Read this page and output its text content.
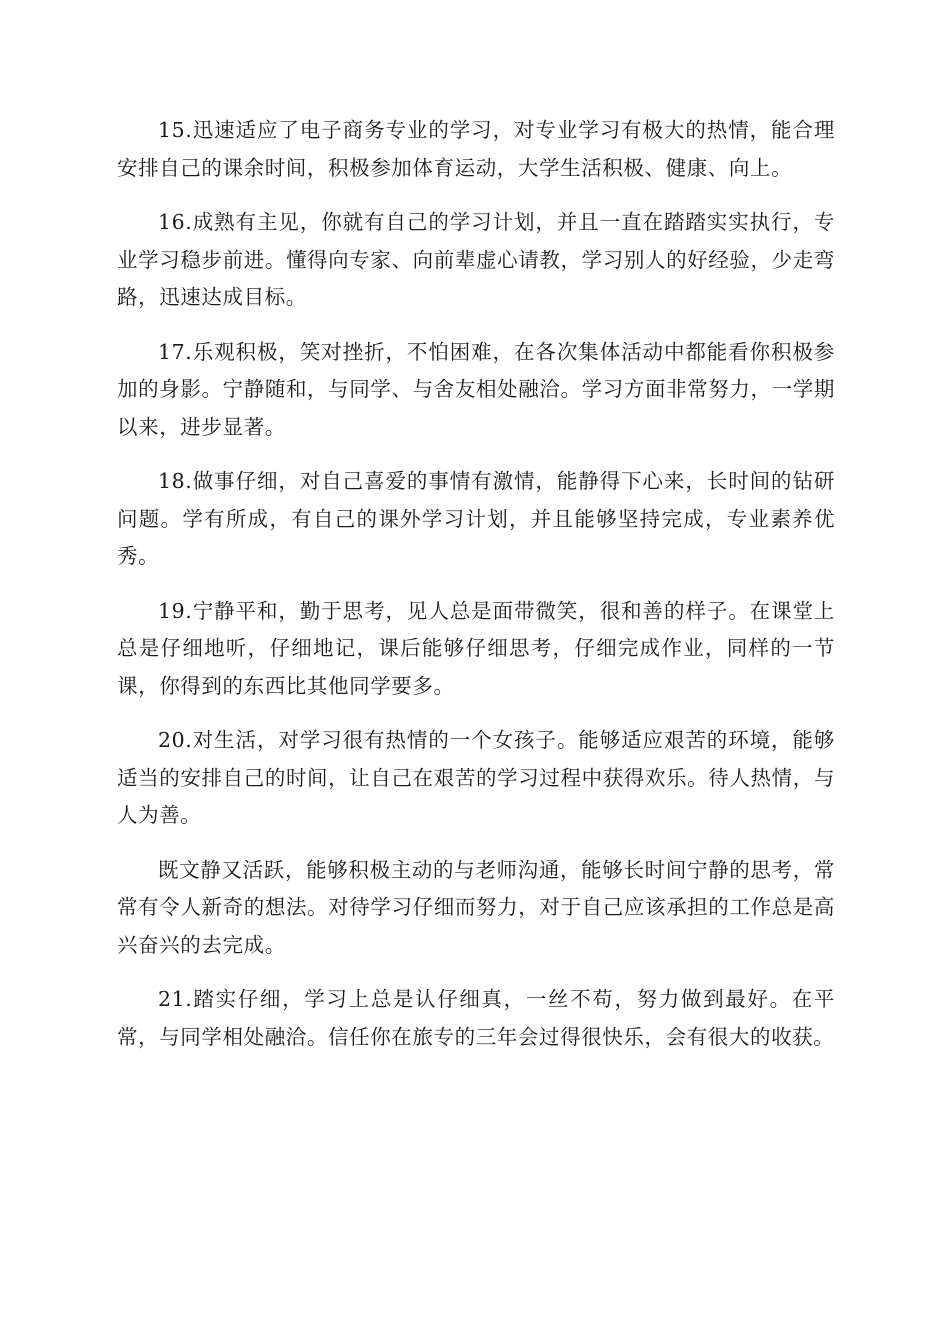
15.迅速适应了电子商务专业的学习，对专业学习有极大的热情，能合理安排自己的课余时间，积极参加体育运动，大学生活积极、健康、向上。

16.成熟有主见，你就有自己的学习计划，并且一直在踏踏实实执行，专业学习稳步前进。懂得向专家、向前辈虚心请教，学习别人的好经验，少走弯路，迅速达成目标。

17.乐观积极，笑对挫折，不怕困难，在各次集体活动中都能看你积极参加的身影。宁静随和，与同学、与舍友相处融洽。学习方面非常努力，一学期以来，进步显著。

18.做事仔细，对自己喜爱的事情有激情，能静得下心来，长时间的钻研问题。学有所成，有自己的课外学习计划，并且能够坚持完成，专业素养优秀。

19.宁静平和，勤于思考，见人总是面带微笑，很和善的样子。在课堂上总是仔细地听，仔细地记，课后能够仔细思考，仔细完成作业，同样的一节课，你得到的东西比其他同学要多。

20.对生活，对学习很有热情的一个女孩子。能够适应艰苦的环境，能够适当的安排自己的时间，让自己在艰苦的学习过程中获得欢乐。待人热情，与人为善。

既文静又活跃，能够积极主动的与老师沟通，能够长时间宁静的思考，常常有令人新奇的想法。对待学习仔细而努力，对于自己应该承担的工作总是高兴奋兴的去完成。

21.踏实仔细，学习上总是认仔细真，一丝不苟，努力做到最好。在平常，与同学相处融洽。信任你在旅专的三年会过得很快乐，会有很大的收获。
